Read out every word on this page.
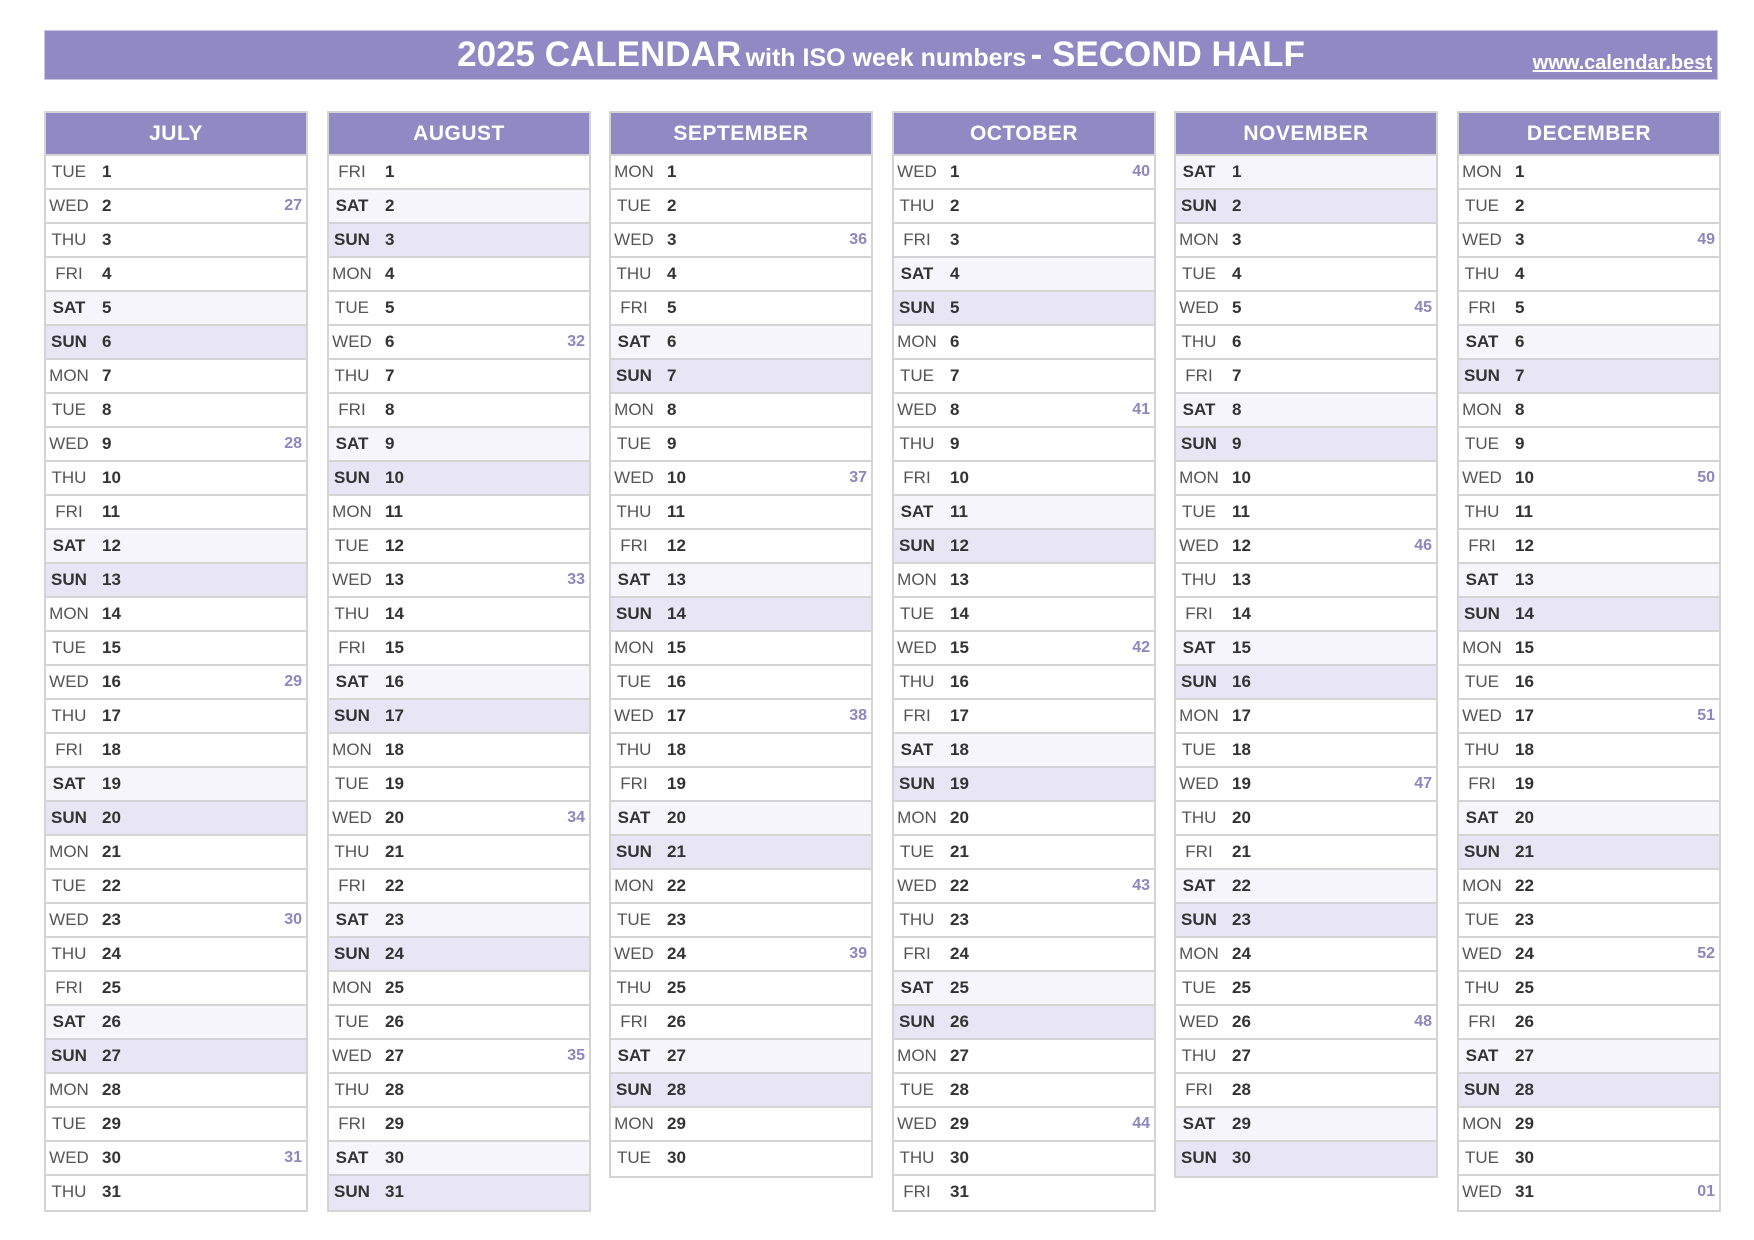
2025 CALENDAR with ISO week numbers - SECOND HALF	www.calendar.best
JULY
TUE 1
WED 2	27
THU 3
FRI	4
SAT 5
SUN 6
MON 7
TUE 8
WED 9	28
THU 10
FRI	11
SAT 12
SUN 13
MON 14
TUE 15
WED 16	29
THU 17
FRI	18
SAT 19
SUN 20
MON 21
TUE 22
WED 23	30
THU 24
FRI	25
SAT 26
SUN 27
MON 28
TUE 29
WED 30	31
THU 31
AUGUST
FRI	1
SAT 2
SUN 3
MON 4
TUE 5
WED 6	32
THU 7
FRI	8
SAT 9
SUN 10
MON 11
TUE 12
WED 13	33
THU 14
FRI	15
SAT 16
SUN 17
MON 18
TUE 19
WED 20	34
THU 21
FRI	22
SAT 23
SUN 24
MON 25
TUE 26
WED 27	35
THU 28
FRI	29
SAT 30
SUN 31
SEPTEMBER
MON 1
TUE 2
WED 3	36
THU 4
FRI	5
SAT 6
SUN 7
MON 8
TUE 9
WED 10	37
THU 11
FRI	12
SAT 13
SUN 14
MON 15
TUE 16
WED 17	38
THU 18
FRI	19
SAT 20
SUN 21
MON 22
TUE 23
WED 24	39
THU 25
FRI	26
SAT 27
SUN 28
MON 29
TUE 30
OCTOBER
WED 1	40
THU 2
FRI	3
SAT 4
SUN 5
MON 6
TUE 7
WED 8	41
THU 9
FRI	10
SAT 11
SUN 12
MON 13
TUE 14
WED 15	42
THU 16
FRI	17
SAT 18
SUN 19
MON 20
TUE 21
WED 22	43
THU 23
FRI	24
SAT 25
SUN 26
MON 27
TUE 28
WED 29	44
THU 30
FRI	31
NOVEMBER
SAT 1
SUN 2
MON 3
TUE 4
WED 5	45
THU 6
FRI	7
SAT 8
SUN 9
MON 10
TUE 11
WED 12	46
THU 13
FRI	14
SAT 15
SUN 16
MON 17
TUE 18
WED 19	47
THU 20
FRI	21
SAT 22
SUN 23
MON 24
TUE 25
WED 26	48
THU 27
FRI	28
SAT 29
SUN 30
DECEMBER
MON 1
TUE 2
WED 3	49
THU 4
FRI	5
SAT 6
SUN 7
MON 8
TUE 9
WED 10	50
THU 11
FRI	12
SAT 13
SUN 14
MON 15
TUE 16
WED 17	51
THU 18
FRI	19
SAT 20
SUN 21
MON 22
TUE 23
WED 24	52
THU 25
FRI	26
SAT 27
SUN 28
MON 29
TUE 30
WED 31	01
